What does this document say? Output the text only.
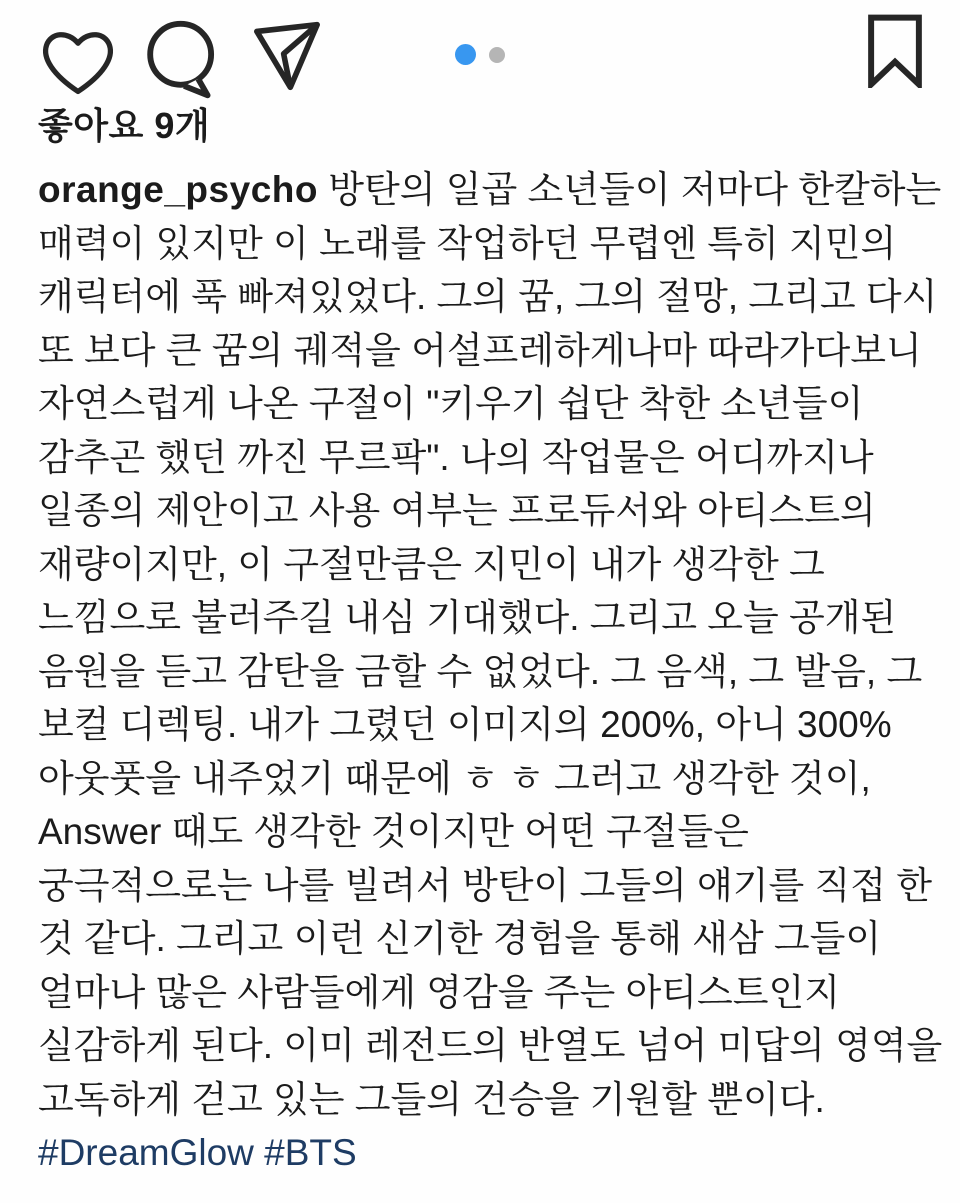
좋아요 9개
orange_psycho 방탄의 일곱 소년들이 저마다 한칼하는
매력이 있지만 이 노래를 작업하던 무렵엔 특히 지민의
캐릭터에 푹 빠져있었다. 그의 꿈, 그의 절망, 그리고 다시
또 보다 큰 꿈의 궤적을 어설프레하게나마 따라가다보니
자연스럽게 나온 구절이 "키우기 쉽단 착한 소년들이
감추곤 했던 까진 무르팍". 나의 작업물은 어디까지나
일종의 제안이고 사용 여부는 프로듀서와 아티스트의
재량이지만, 이 구절만큼은 지민이 내가 생각한 그
느낌으로 불러주길 내심 기대했다. 그리고 오늘 공개된
음원을 듣고 감탄을 금할 수 없었다. 그 음색, 그 발음, 그
보컬 디렉팅. 내가 그렸던 이미지의 200%, 아니 300%
아웃풋을 내주었기 때문에 ㅎ ㅎ 그러고 생각한 것이,
Answer 때도 생각한 것이지만 어떤 구절들은
궁극적으로는 나를 빌려서 방탄이 그들의 얘기를 직접 한
것 같다. 그리고 이런 신기한 경험을 통해 새삼 그들이
얼마나 많은 사람들에게 영감을 주는 아티스트인지
실감하게 된다. 이미 레전드의 반열도 넘어 미답의 영역을
고독하게 걷고 있는 그들의 건승을 기원할 뿐이다.
#DreamGlow #BTS
